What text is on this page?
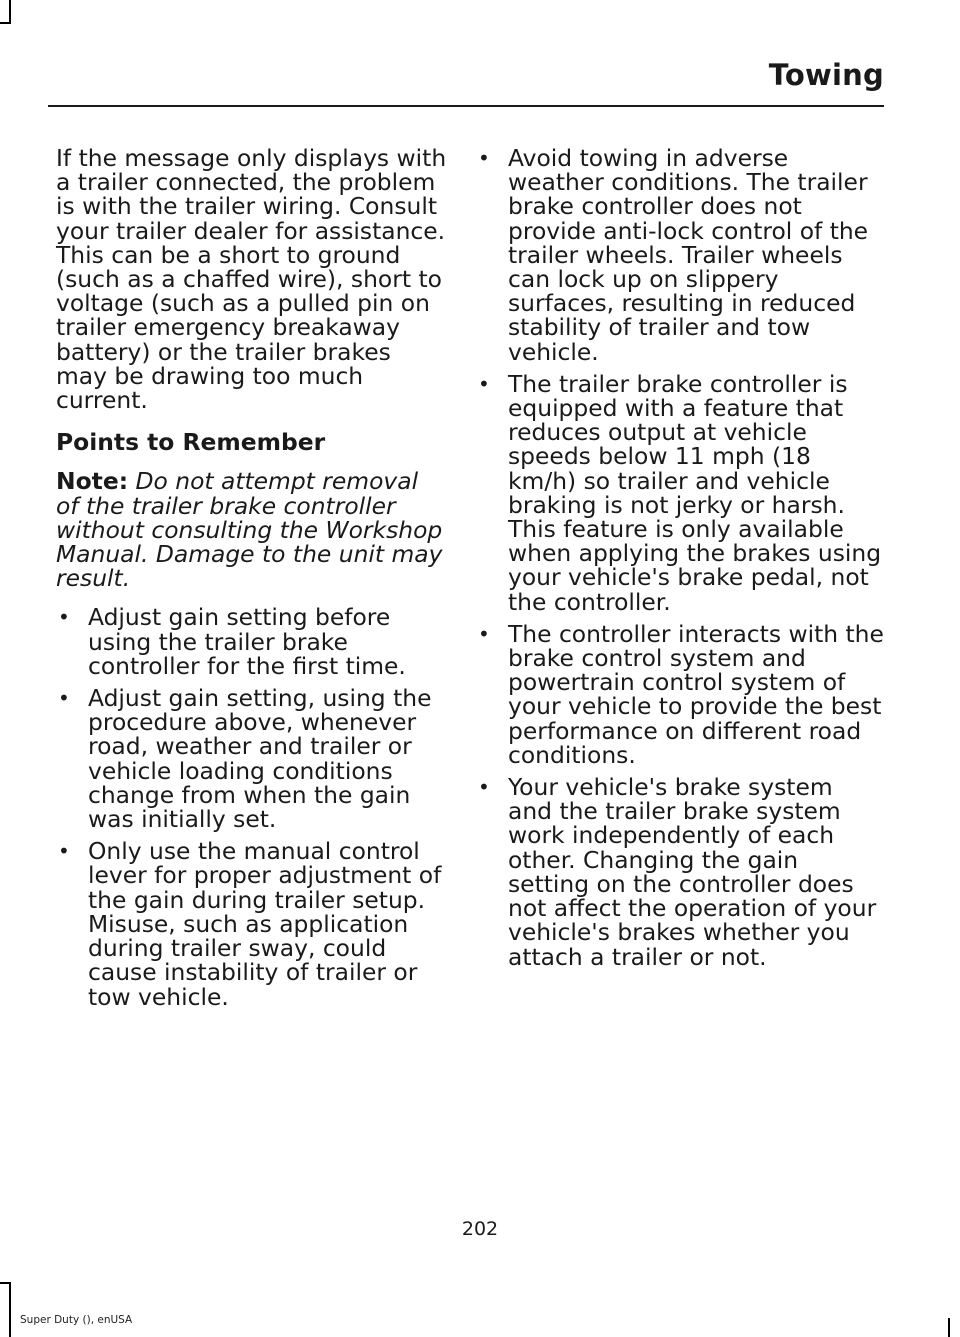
Towing

If the message only displays with a trailer connected, the problem is with the trailer wiring. Consult your trailer dealer for assistance. This can be a short to ground (such as a chaffed wire), short to voltage (such as a pulled pin on trailer emergency breakaway battery) or the trailer brakes may be drawing too much current.

Points to Remember

Note: Do not attempt removal of the trailer brake controller without consulting the Workshop Manual. Damage to the unit may result.

• Adjust gain setting before using the trailer brake controller for the first time.
• Adjust gain setting, using the procedure above, whenever road, weather and trailer or vehicle loading conditions change from when the gain was initially set.
• Only use the manual control lever for proper adjustment of the gain during trailer setup. Misuse, such as application during trailer sway, could cause instability of trailer or tow vehicle.
• Avoid towing in adverse weather conditions. The trailer brake controller does not provide anti-lock control of the trailer wheels. Trailer wheels can lock up on slippery surfaces, resulting in reduced stability of trailer and tow vehicle.
• The trailer brake controller is equipped with a feature that reduces output at vehicle speeds below 11 mph (18 km/h) so trailer and vehicle braking is not jerky or harsh. This feature is only available when applying the brakes using your vehicle's brake pedal, not the controller.
• The controller interacts with the brake control system and powertrain control system of your vehicle to provide the best performance on different road conditions.
• Your vehicle's brake system and the trailer brake system work independently of each other. Changing the gain setting on the controller does not affect the operation of your vehicle's brakes whether you attach a trailer or not.
202
Super Duty (), enUSA
